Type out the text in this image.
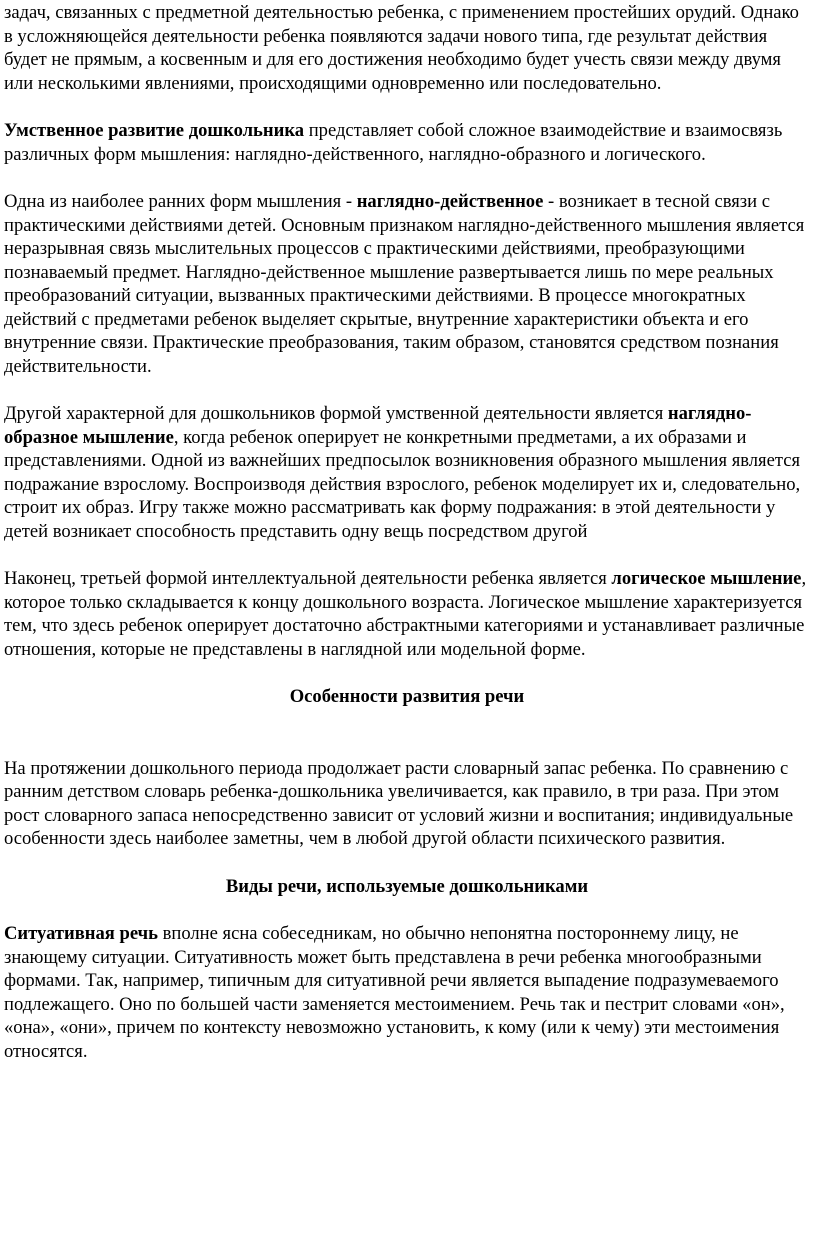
задач, связанных с предметной деятельностью ребенка, с применением простейших орудий. Однако в усложняющейся деятельности ребенка появляются задачи нового типа, где результат действия будет не прямым, а косвенным и для его достижения необходимо будет учесть связи между двумя или несколькими явлениями, происходящими одновременно или последовательно.

Умственное развитие дошкольника представляет собой сложное взаимодействие и взаимосвязь различных форм мышления: наглядно-действенного, наглядно-образного и логического.

Одна из наиболее ранних форм мышления - наглядно-действенное - возникает в тесной связи с практическими действиями детей. Основным признаком наглядно-действенного мышления является неразрывная связь мыслительных процессов с практическими действиями, преобразующими познаваемый предмет. Наглядно-действенное мышление развертывается лишь по мере реальных преобразований ситуации, вызванных практическими действиями. В процессе многократных действий с предметами ребенок выделяет скрытые, внутренние характеристики объекта и его внутренние связи. Практические преобразования, таким образом, становятся средством познания действительности.

Другой характерной для дошкольников формой умственной деятельности является наглядно-образное мышление, когда ребенок оперирует не конкретными предметами, а их образами и представлениями. Одной из важнейших предпосылок возникновения образного мышления является подражание взрослому. Воспроизводя действия взрослого, ребенок моделирует их и, следовательно, строит их образ. Игру также можно рассматривать как форму подражания: в этой деятельности у детей возникает способность представить одну вещь посредством другой

Наконец, третьей формой интеллектуальной деятельности ребенка является логическое мышление, которое только складывается к концу дошкольного возраста. Логическое мышление характеризуется тем, что здесь ребенок оперирует достаточно абстрактными категориями и устанавливает различные отношения, которые не представлены в наглядной или модельной форме.

Особенности развития речи

На протяжении дошкольного периода продолжает расти словарный запас ребенка. По сравнению с ранним детством словарь ребенка-дошкольника увеличивается, как правило, в три раза. При этом рост словарного запаса непосредственно зависит от условий жизни и воспитания; индивидуальные особенности здесь наиболее заметны, чем в любой другой области психического развития.

Виды речи, используемые дошкольниками

Ситуативная речь вполне ясна собеседникам, но обычно непонятна постороннему лицу, не знающему ситуации. Ситуативность может быть представлена в речи ребенка многообразными формами. Так, например, типичным для ситуативной речи является выпадение подразумеваемого подлежащего. Оно по большей части заменяется местоимением. Речь так и пестрит словами «он», «она», «они», причем по контексту невозможно установить, к кому (или к чему) эти местоимения относятся.
